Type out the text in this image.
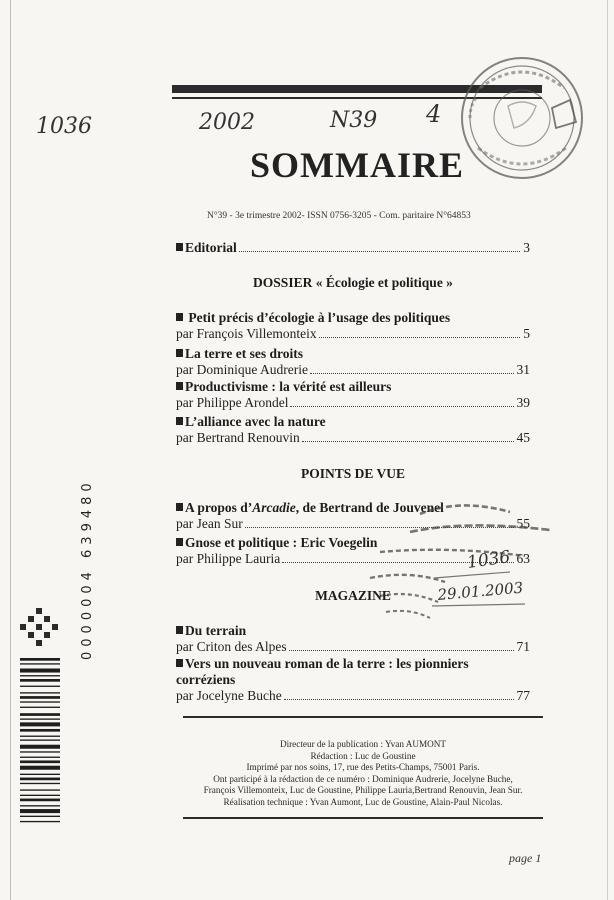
1036	2002	N39 4
SOMMAIRE
N°39 - 3e trimestre 2002- ISSN 0756-3205 - Com. paritaire N°64853
Editorial	3
DOSSIER « Écologie et politique »
Petit précis d’écologie à l’usage des politiques
par François Villemonteix	5
La terre et ses droits
par Dominique Audrerie	31
Productivisme : la vérité est ailleurs
par Philippe Arondel	39
L’alliance avec la nature
par Bertrand Renouvin	45
POINTS DE VUE
A propos d’Arcadie, de Bertrand de Jouvenel
par Jean Sur	55
Gnose et politique : Eric Voegelin
par Philippe Lauria	63
1036
29.01.2003
MAGAZINE
Du terrain
par Criton des Alpes	71
Vers un nouveau roman de la terre : les pionniers
corréziens
par Jocelyne Buche	77
Directeur de la publication : Yvan AUMONT
Rédaction : Luc de Goustine
Imprimé par nos soins, 17, rue des Petits-Champs, 75001 Paris.
Ont participé à la rédaction de ce numéro : Dominique Audrerie, Jocelyne Buche,
François Villemonteix, Luc de Goustine, Philippe Lauria,Bertrand Renouvin, Jean Sur.
Réalisation technique : Yvan Aumont, Luc de Goustine, Alain-Paul Nicolas.
page 1
0000004 639480
